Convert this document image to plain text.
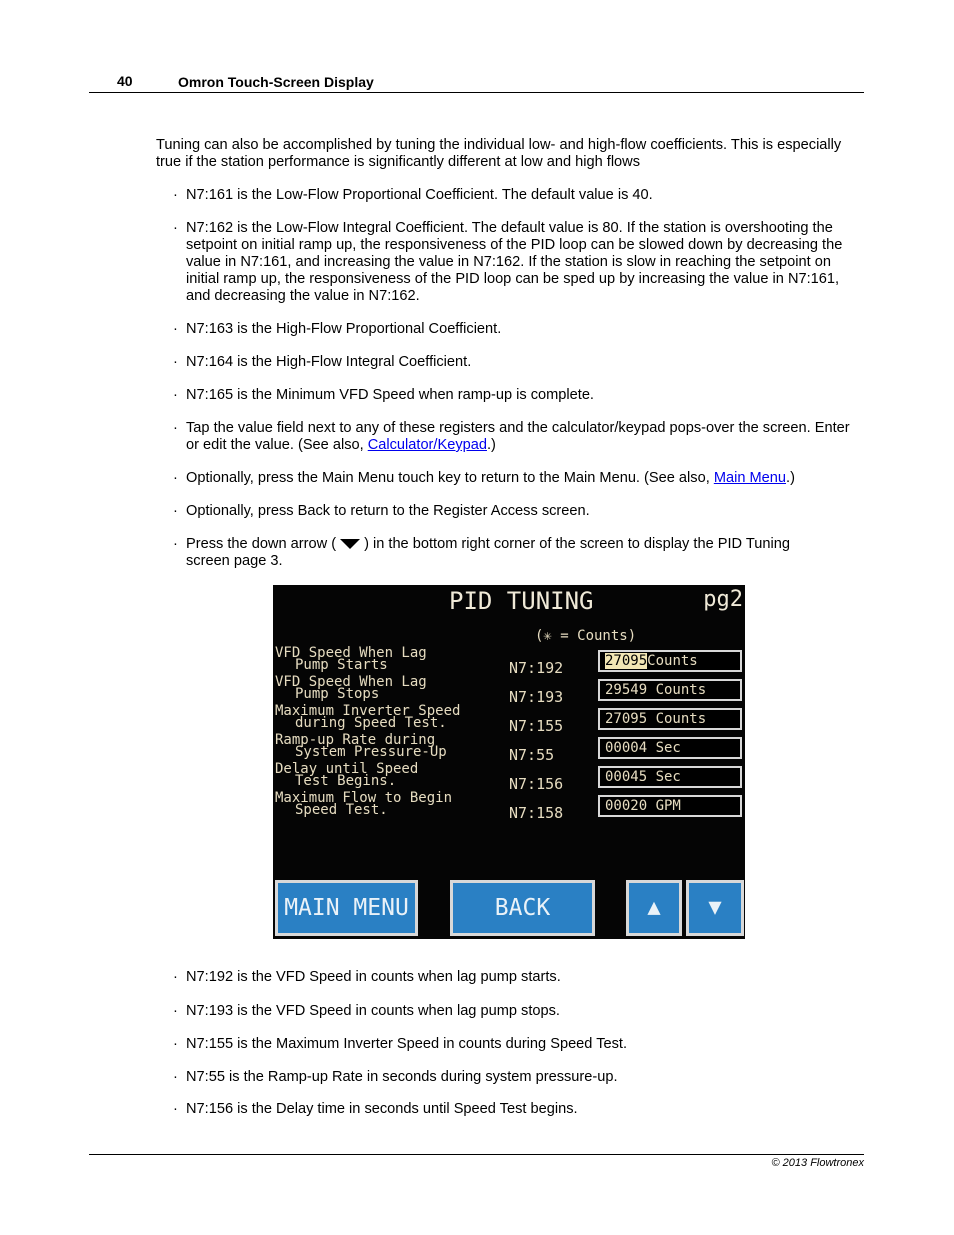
40	Omron Touch-Screen Display
Tuning can also be accomplished by tuning the individual low- and high-flow coefficients. This is especially true if the station performance is significantly different at low and high flows
· N7:161 is the Low-Flow Proportional Coefficient. The default value is 40.
· N7:162 is the Low-Flow Integral Coefficient. The default value is 80. If the station is overshooting the setpoint on initial ramp up, the responsiveness of the PID loop can be slowed down by decreasing the value in N7:161, and increasing the value in N7:162. If the station is slow in reaching the setpoint on initial ramp up, the responsiveness of the PID loop can be sped up by increasing the value in N7:161, and decreasing the value in N7:162.
· N7:163 is the High-Flow Proportional Coefficient.
· N7:164 is the High-Flow Integral Coefficient.
· N7:165 is the Minimum VFD Speed when ramp-up is complete.
· Tap the value field next to any of these registers and the calculator/keypad pops-over the screen. Enter or edit the value. (See also, Calculator/Keypad.)
· Optionally, press the Main Menu touch key to return to the Main Menu. (See also, Main Menu.)
· Optionally, press Back to return to the Register Access screen.
· Press the down arrow ( ) in the bottom right corner of the screen to display the PID Tuning screen page 3.
PID TUNING	pg2
(✳ = Counts)
VFD Speed When Lag
Pump Starts	N7:192	27095Counts
VFD Speed When Lag
Pump Stops	N7:193	29549 Counts
Maximum Inverter Speed
during Speed Test.	N7:155	27095 Counts
Ramp-up Rate during
System Pressure-Up	N7:55	00004 Sec
Delay until Speed
Test Begins.	N7:156	00045 Sec
Maximum Flow to Begin
Speed Test.	N7:158	00020 GPM
MAIN MENU	BACK	▲	▼
· N7:192 is the VFD Speed in counts when lag pump starts.
· N7:193 is the VFD Speed in counts when lag pump stops.
· N7:155 is the Maximum Inverter Speed in counts during Speed Test.
· N7:55 is the Ramp-up Rate in seconds during system pressure-up.
· N7:156 is the Delay time in seconds until Speed Test begins.
© 2013 Flowtronex
